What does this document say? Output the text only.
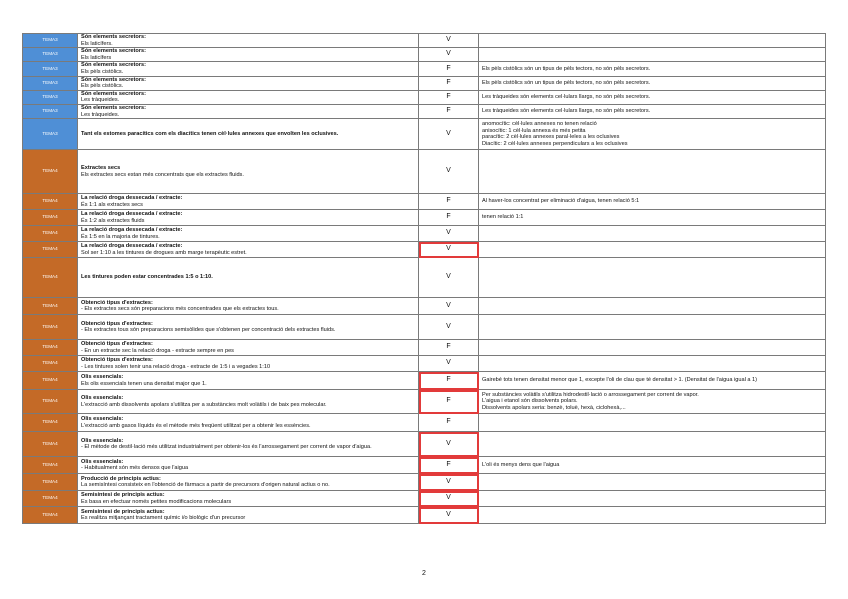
TEMA3	Són elements secretors:
Els laticífers.	V	
TEMA3	Són elements secretors:
Els laticífers	V	
TEMA3	Són elements secretors:
Els pèls cistòlics.	F	Els pèls cistòlics són un tipus de pèls tectors, no són pèls secretors.

TEMA3	Són elements secretors:
Els pèls cistòlics.	F	Els pèls cistòlics són un tipus de pèls tectors, no són pèls secretors.

TEMA3	Són elements secretors:
Les tràqueides.	F	Les tràqueides són elements cel·lulars llargs, no són pèls secretors.

TEMA3	Són elements secretors:
Les tràqueides.	F	Les tràqueides són elements cel·lulars llargs, no són pèls secretors.

TEMA3	Tant els estomes paracítics com els diacítics tenen cèl·lules annexes que envolten les oclusives.	V	anomocític: cèl·lules annexes no tenen relació
anisocític: 1 cèl·lula annexa és més petita
paracític: 2 cèl·lules annexes paral·leles a les oclusives
Diacític: 2 cèl·lules annexes perpendiculars a les oclusives

TEMA4	Extractes secs
Els extractes secs estan més concentrats que els extractes fluids.	V	
TEMA4	La relació droga dessecada / extracte:
És 1:1 als extractes secs	F	Al haver-los concentrat per eliminació d'aigua, tenen relació 5:1

TEMA4	La relació droga dessecada / extracte:
És 1:2 als extractes fluids	F	tenen relació 1:1

TEMA4	La relació droga dessecada / extracte:
És 1:5 en la majoria de tintures.	V	
TEMA4	La relació droga dessecada / extracte:
Sol ser 1:10 a les tintures de drogues amb marge terapèutic estret.	V	
TEMA4	Les tintures poden estar concentrades 1:5 o 1:10.	V	
TEMA4	Obtenció tipus d'extractes:
- Els extractes secs són preparacions més concentrades que els extractes tous.	V	
TEMA4	Obtenció tipus d'extractes:
- Els extractes tous són preparacions semisòlides que s'obtenen per concentració dels extractes fluids.	V	
TEMA4	Obtenció tipus d'extractes:
- En un extracte sec la relació droga - extracte sempre en pes	F	
TEMA4	Obtenció tipus d'extractes:
- Les tintures solen tenir una relació droga - extracte de 1:5 i a vegades 1:10	V	
TEMA4	Olis essencials:
Els olis essencials tenen una densitat major que 1.	F	Gairebé tots tenen densitat menor que 1, excepte l'oli de clau que té densitat > 1. (Densitat de l'aigua igual a 1)

TEMA4	Olis essencials:
L'extracció amb dissolvents apolars s'utilitza per a substàncies molt volàtils i de baix pes molecular.	F	Per substàncies volàtils s'utilitza hidrodestil·lació o arrossegament per corrent de vapor.
L'aigua i etanol són dissolvents polars.
Dissolvents apolars seria: benzè, toluè, hexà, ciclohexà,...

TEMA4	Olis essencials:
L'extracció amb gasos líquids és el mètode més freqüent utilitzat per a obtenir les essències.	F	
TEMA4	Olis essencials:
- El mètode de destil·lació més utilitzat industrialment per obtenir-los és l'arrossegament per corrent de vapor d'aigua.	V	
TEMA4	Olis essencials:
- Habitualment són més densos que l'aigua	F	L'oli és menys dens que l'aigua

TEMA4	Producció de principis actius:
La semisíntesi consisteix en l'obtenció de fàrmacs a partir de precursors d'origen natural actius o no.	V	
TEMA4	Semisíntesi de principis actius:
Es basa en efectuar només petites modificacions moleculars	V	
TEMA4	Semisíntesi de principis actius:
Es realitza mitjançant tractament químic i/o biològic d'un precursor	V	
2
